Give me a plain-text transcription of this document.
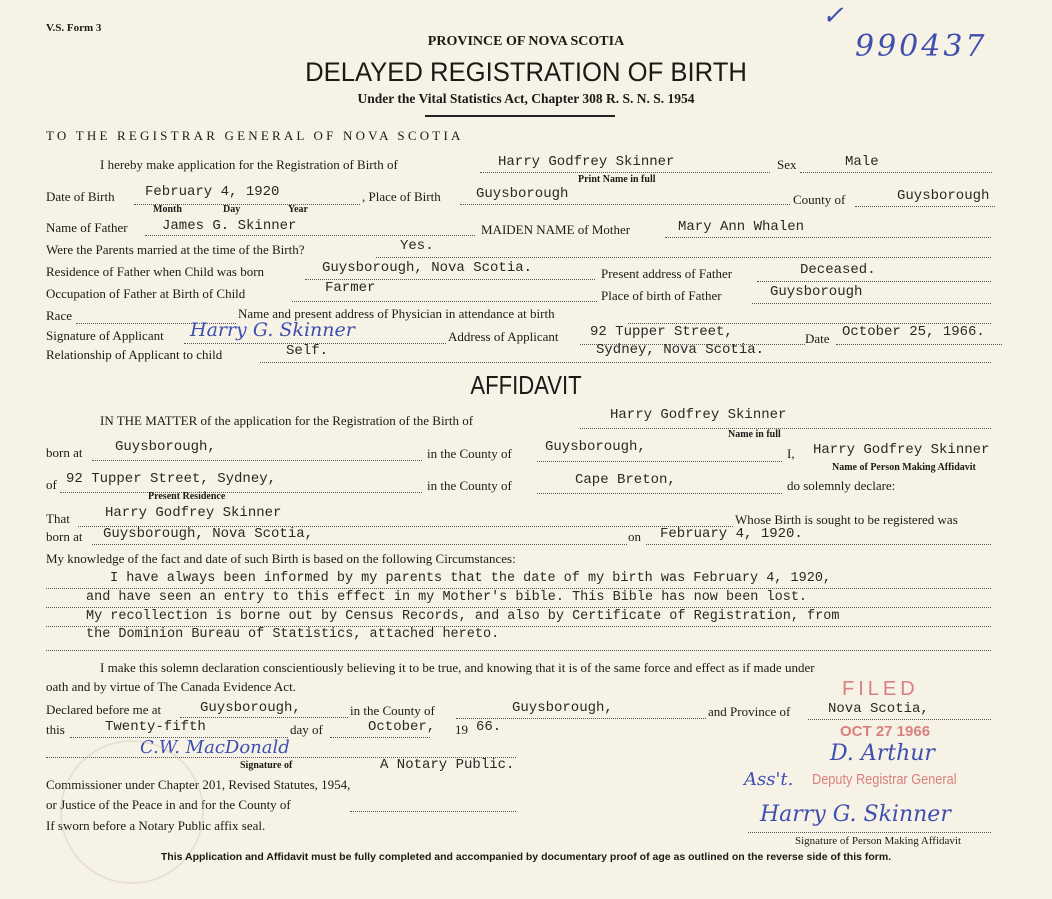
V.S. Form 3
PROVINCE OF NOVA SCOTIA
DELAYED REGISTRATION OF BIRTH
Under the Vital Statistics Act, Chapter 308 R. S. N. S. 1954
990437
✓
TO THE REGISTRAR GENERAL OF NOVA SCOTIA
I hereby make application for the Registration of Birth of	Harry Godfrey Skinner
Print Name in full
Sex	Male
Date of Birth February 4, 1920
Month	Day	Year
, Place of Birth	Guysborough	County of	Guysborough
Name of Father James G. Skinner	MAIDEN NAME of Mother	Mary Ann Whalen
Were the Parents married at the time of the Birth?	Yes.
Residence of Father when Child was born	Guysborough, Nova Scotia.	Present address of Father	Deceased.
Occupation of Father at Birth of Child	Farmer	Place of birth of Father	Guysborough
Race	Name and present address of Physician in attendance at birth
Signature of Applicant Harry G. Skinner	Address of Applicant 92 Tupper Street,
Sydney, Nova Scotia.
Date October 25, 1966.
Relationship of Applicant to child	Self.
AFFIDAVIT
IN THE MATTER of the application for the Registration of the Birth of	Harry Godfrey Skinner
Name in full
born at Guysborough,	in the County of Guysborough,	I, Harry Godfrey Skinner
Name of Person Making Affidavit
of 92 Tupper Street, Sydney,
Present Residence
in the County of	Cape Breton,	do solemnly declare:
That	Harry Godfrey Skinner	Whose Birth is sought to be registered was
born at Guysborough, Nova Scotia,	on February 4, 1920.
My knowledge of the fact and date of such Birth is based on the following Circumstances:
I have always been informed by my parents that the date of my birth was February 4, 1920,
and have seen an entry to this effect in my Mother's bible. This Bible has now been lost.
My recollection is borne out by Census Records, and also by Certificate of Registration, from
the Dominion Bureau of Statistics, attached hereto.
I make this solemn declaration conscientiously believing it to be true, and knowing that it is of the same force and effect as if made under
oath and by virtue of The Canada Evidence Act.
Declared before me at	Guysborough,	in the County of	Guysborough,	and Province of	Nova Scotia,
this	Twenty-fifth	day of	October, 19 66.
C.W. MacDonald
Signature of	A Notary Public.
Commissioner under Chapter 201, Revised Statutes, 1954,
or Justice of the Peace in and for the County of
If sworn before a Notary Public affix seal.
FILED
OCT 27 1966
D. Arthur
Deputy Registrar General
Ass't.
Harry G. Skinner
Signature of Person Making Affidavit
This Application and Affidavit must be fully completed and accompanied by documentary proof of age as outlined on the reverse side of this form.
